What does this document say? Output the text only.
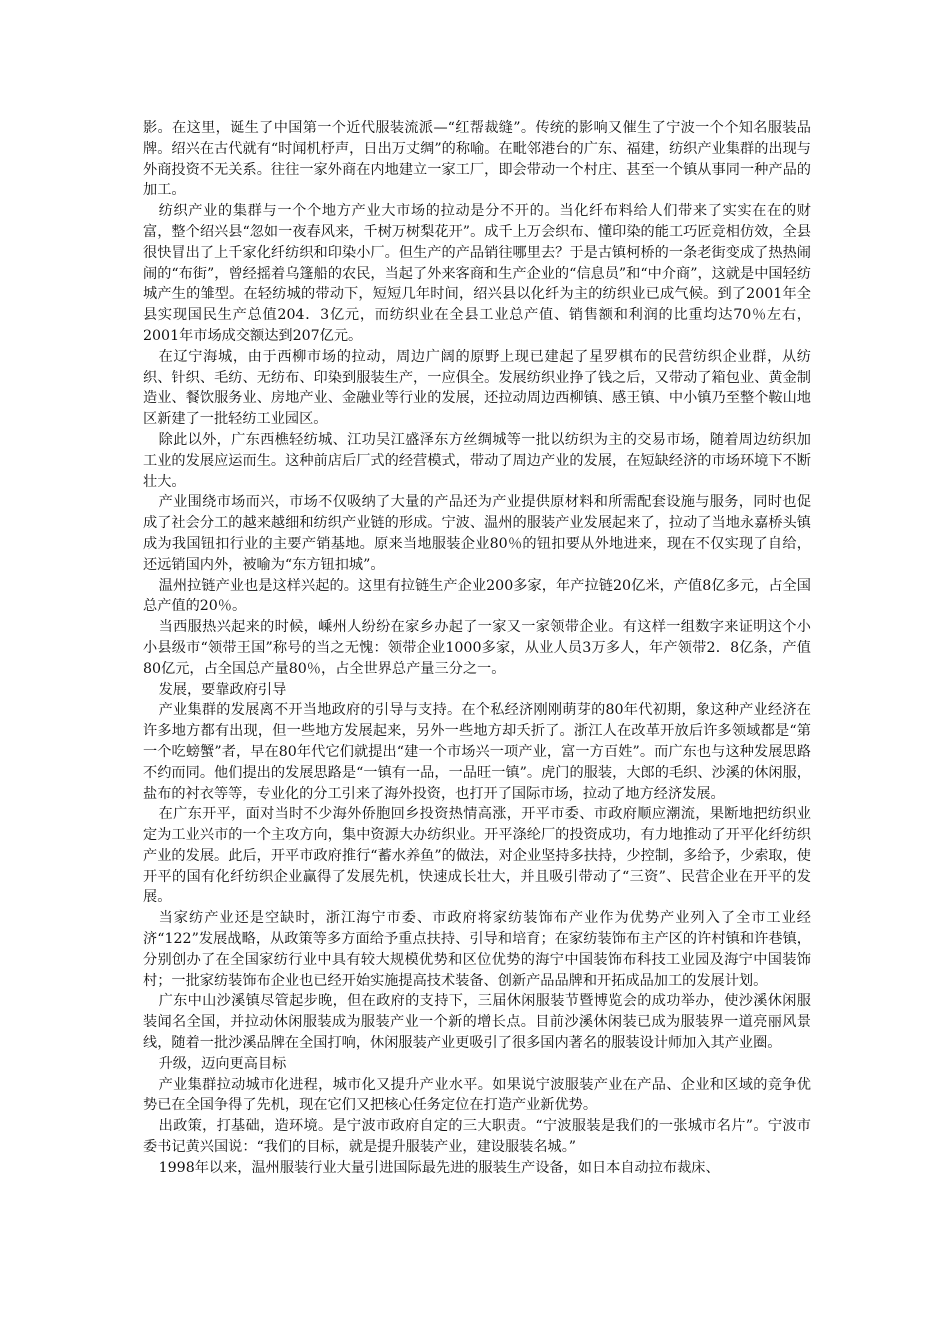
影。在这里，诞生了中国第一个近代服装流派—“红帮裁缝”。传统的影响又催生了宁波一个个知名服装品牌。绍兴在古代就有“时闻机杼声，日出万丈绸”的称喻。在毗邻港台的广东、福建，纺织产业集群的出现与外商投资不无关系。往往一家外商在内地建立一家工厂，即会带动一个村庄、甚至一个镇从事同一种产品的加工。

纺织产业的集群与一个个地方产业大市场的拉动是分不开的。当化纤布料给人们带来了实实在在的财富，整个绍兴县“忽如一夜春风来，千树万树梨花开”。成千上万会织布、懂印染的能工巧匠竞相仿效，全县很快冒出了上千家化纤纺织和印染小厂。但生产的产品销往哪里去？于是古镇柯桥的一条老街变成了热热闹闹的“布街”，曾经摇着乌篷船的农民，当起了外来客商和生产企业的“信息员”和“中介商”，这就是中国轻纺城产生的雏型。在轻纺城的带动下，短短几年时间，绍兴县以化纤为主的纺织业已成气候。到了2001年全县实现国民生产总值204．3亿元，而纺织业在全县工业总产值、销售额和利润的比重均达70％左右，2001年市场成交额达到207亿元。

在辽宁海城，由于西柳市场的拉动，周边广阔的原野上现已建起了星罗棋布的民营纺织企业群，从纺织、针织、毛纺、无纺布、印染到服装生产，一应俱全。发展纺织业挣了钱之后，又带动了箱包业、黄金制造业、餐饮服务业、房地产业、金融业等行业的发展，还拉动周边西柳镇、感王镇、中小镇乃至整个鞍山地区新建了一批轻纺工业园区。

除此以外，广东西樵轻纺城、江功吴江盛泽东方丝绸城等一批以纺织为主的交易市场，随着周边纺织加工业的发展应运而生。这种前店后厂式的经营模式，带动了周边产业的发展，在短缺经济的市场环境下不断壮大。

产业围绕市场而兴，市场不仅吸纳了大量的产品还为产业提供原材料和所需配套设施与服务，同时也促成了社会分工的越来越细和纺织产业链的形成。宁波、温州的服装产业发展起来了，拉动了当地永嘉桥头镇成为我国钮扣行业的主要产销基地。原来当地服装企业80％的钮扣要从外地进来，现在不仅实现了自给，还远销国内外，被喻为“东方钮扣城”。

温州拉链产业也是这样兴起的。这里有拉链生产企业200多家，年产拉链20亿米，产值8亿多元，占全国总产值的20％。

当西服热兴起来的时候，嵊州人纷纷在家乡办起了一家又一家领带企业。有这样一组数字来证明这个小小县级市“领带王国”称号的当之无愧：领带企业1000多家，从业人员3万多人，年产领带2．8亿条，产值80亿元，占全国总产量80％，占全世界总产量三分之一。

发展，要靠政府引导

产业集群的发展离不开当地政府的引导与支持。在个私经济刚刚萌芽的80年代初期，象这种产业经济在许多地方都有出现，但一些地方发展起来，另外一些地方却夭折了。浙江人在改革开放后许多领域都是“第一个吃螃蟹”者，早在80年代它们就提出“建一个市场兴一项产业，富一方百姓”。而广东也与这种发展思路不约而同。他们提出的发展思路是“一镇有一品，一品旺一镇”。虎门的服装，大郎的毛织、沙溪的休闲服，盐布的衬衣等等，专业化的分工引来了海外投资，也打开了国际市场，拉动了地方经济发展。

在广东开平，面对当时不少海外侨胞回乡投资热情高涨，开平市委、市政府顺应潮流，果断地把纺织业定为工业兴市的一个主攻方向，集中资源大办纺织业。开平涤纶厂的投资成功，有力地推动了开平化纤纺织产业的发展。此后，开平市政府推行“蓄水养鱼”的做法，对企业坚持多扶持，少控制，多给予，少索取，使开平的国有化纤纺织企业赢得了发展先机，快速成长壮大，并且吸引带动了“三资”、民营企业在开平的发展。

当家纺产业还是空缺时，浙江海宁市委、市政府将家纺装饰布产业作为优势产业列入了全市工业经济“122”发展战略，从政策等多方面给予重点扶持、引导和培育；在家纺装饰布主产区的许村镇和许巷镇，分别创办了在全国家纺行业中具有较大规模优势和区位优势的海宁中国装饰布科技工业园及海宁中国装饰村；一批家纺装饰布企业也已经开始实施提高技术装备、创新产品品牌和开拓成品加工的发展计划。

广东中山沙溪镇尽管起步晚，但在政府的支持下，三届休闲服装节暨博览会的成功举办，使沙溪休闲服装闻名全国，并拉动休闲服装成为服装产业一个新的增长点。目前沙溪休闲装已成为服装界一道亮丽风景线，随着一批沙溪品牌在全国打响，休闲服装产业更吸引了很多国内著名的服装设计师加入其产业圈。

升级，迈向更高目标

产业集群拉动城市化进程，城市化又提升产业水平。如果说宁波服装产业在产品、企业和区域的竞争优势已在全国争得了先机，现在它们又把核心任务定位在打造产业新优势。

出政策，打基础，造环境。是宁波市政府自定的三大职责。“宁波服装是我们的一张城市名片”。宁波市委书记黄兴国说：“我们的目标，就是提升服装产业，建设服装名城。”

1998年以来，温州服装行业大量引进国际最先进的服装生产设备，如日本自动拉布裁床、
